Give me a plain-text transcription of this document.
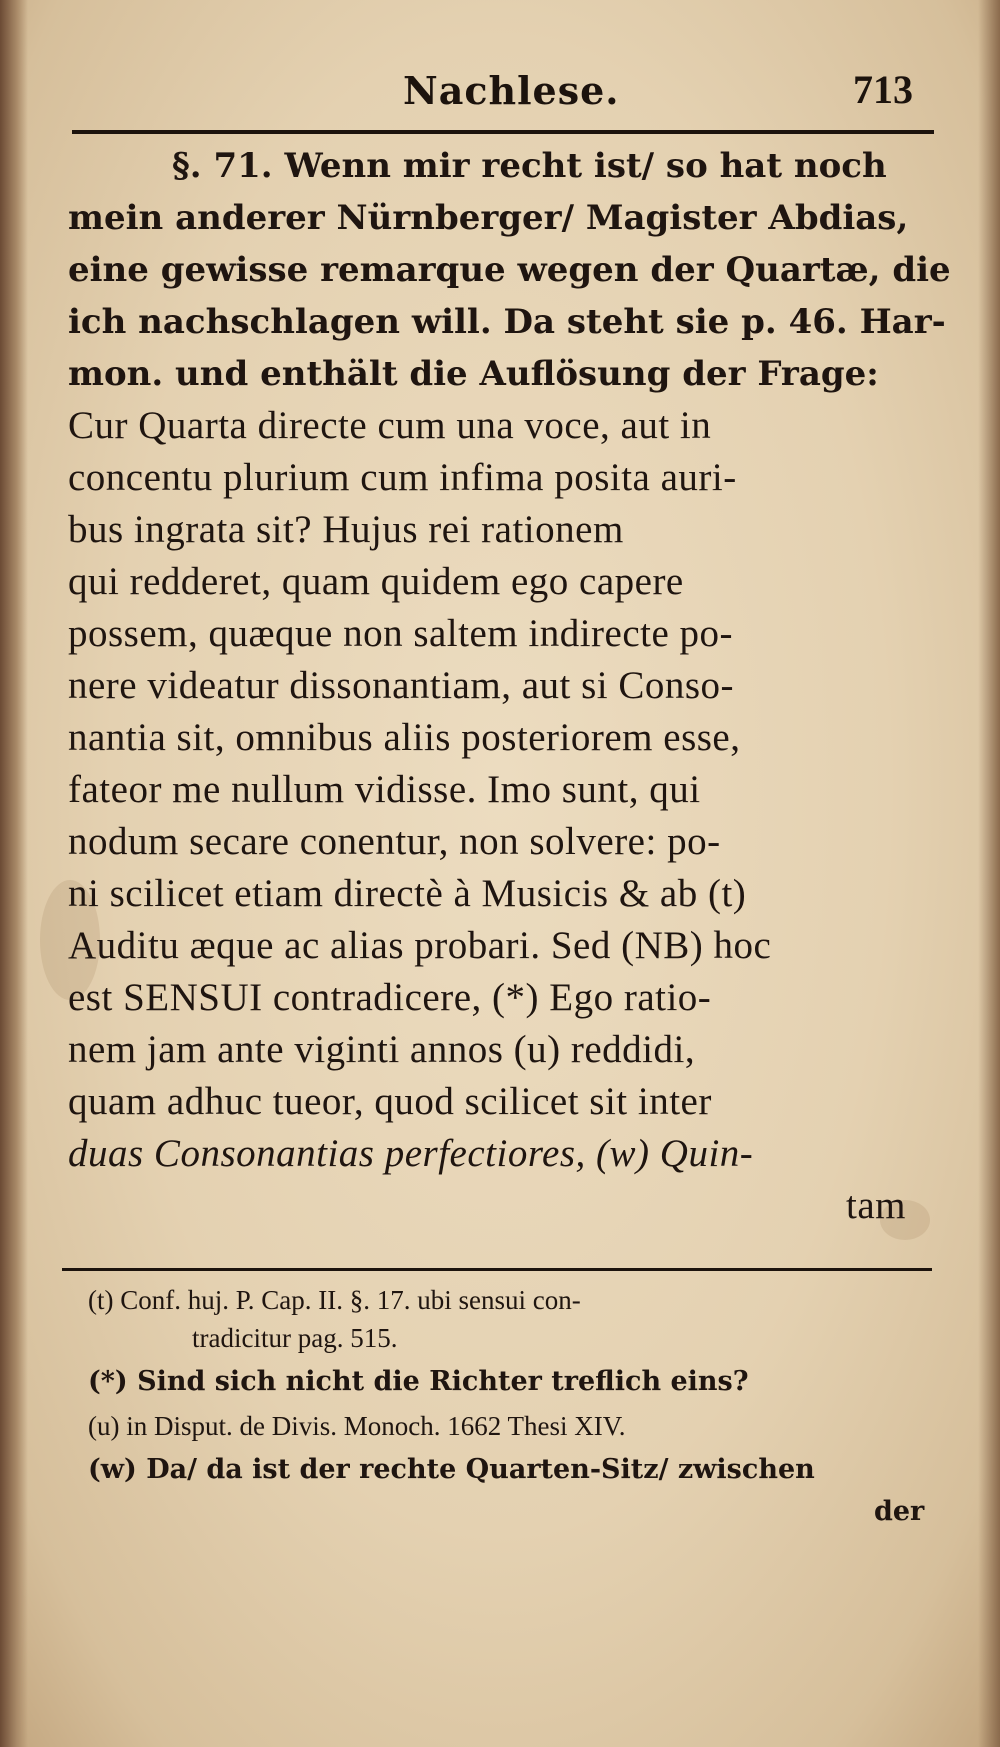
Nachlese.	713
§. 71. Wenn mir recht ist/ so hat noch
mein anderer Nürnberger/ Magister Abdias,
eine gewisse remarque wegen der Quartæ, die
ich nachschlagen will. Da steht sie p. 46. Har-
mon. und enthält die Auflösung der Frage:
Cur Quarta directe cum una voce, aut in
concentu plurium cum infima posita auri-
bus ingrata sit? Hujus rei rationem
qui redderet, quam quidem ego capere
possem, quæque non saltem indirecte po-
nere videatur dissonantiam, aut si Conso-
nantia sit, omnibus aliis posteriorem esse,
fateor me nullum vidisse. Imo sunt, qui
nodum secare conentur, non solvere: po-
ni scilicet etiam directè à Musicis & ab (t)
Auditu æque ac alias probari. Sed (NB) hoc
est SENSUI contradicere, (*) Ego ratio-
nem jam ante viginti annos (u) reddidi,
quam adhuc tueor, quod scilicet sit inter
duas Consonantias perfectiores, (w) Quin-
tam
(t) Conf. huj. P. Cap. II. §. 17. ubi sensui con-
tradicitur pag. 515.
(*) Sind sich nicht die Richter treflich eins?
(u) in Disput. de Divis. Monoch. 1662 Thesi XIV.
(w) Da/ da ist der rechte Quarten-Sitz/ zwischen
der
